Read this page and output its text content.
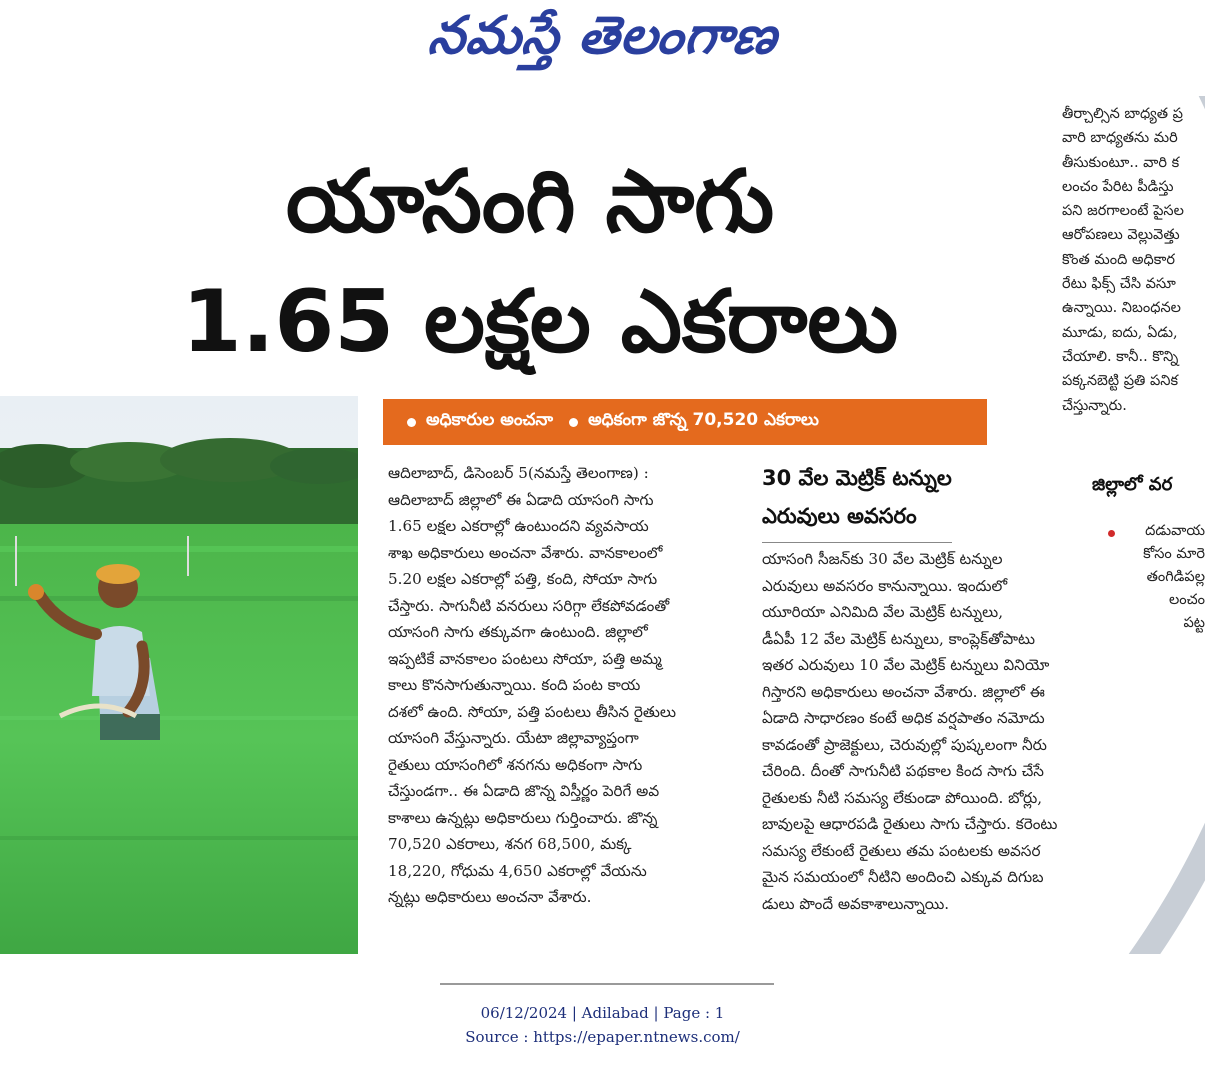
నమస్తే తెలంగాణ
యాసంగి సాగు
1.65 లక్షల ఎకరాలు
అధికారుల అంచనా అధికంగా జొన్న 70,520 ఎకరాలు
ఆదిలాబాద్, డిసెంబర్ 5(నమస్తే తెలంగాణ) :
ఆదిలాబాద్ జిల్లాలో ఈ ఏడాది యాసంగి సాగు
1.65 లక్షల ఎకరాల్లో ఉంటుందని వ్యవసాయ
శాఖ అధికారులు అంచనా వేశారు. వానకాలంలో
5.20 లక్షల ఎకరాల్లో పత్తి, కంది, సోయా సాగు
చేస్తారు. సాగునీటి వనరులు సరిగ్గా లేకపోవడంతో
యాసంగి సాగు తక్కువగా ఉంటుంది. జిల్లాలో
ఇప్పటికే వానకాలం పంటలు సోయా, పత్తి అమ్మ
కాలు కొనసాగుతున్నాయి. కంది పంట కాయ
దశలో ఉంది. సోయా, పత్తి పంటలు తీసిన రైతులు
యాసంగి వేస్తున్నారు. యేటా జిల్లావ్యాప్తంగా
రైతులు యాసంగిలో శనగను అధికంగా సాగు
చేస్తుండగా.. ఈ ఏడాది జొన్న విస్తీర్ణం పెరిగే అవ
కాశాలు ఉన్నట్లు అధికారులు గుర్తించారు. జొన్న
70,520 ఎకరాలు, శనగ 68,500, మక్క
18,220, గోధుమ 4,650 ఎకరాల్లో వేయను
న్నట్లు అధికారులు అంచనా వేశారు.
30 వేల మెట్రిక్ టన్నుల
ఎరువులు అవసరం
యాసంగి సీజన్‌కు 30 వేల మెట్రిక్ టన్నుల
ఎరువులు అవసరం కానున్నాయి. ఇందులో
యూరియా ఎనిమిది వేల మెట్రిక్ టన్నులు,
డీఏపీ 12 వేల మెట్రిక్ టన్నులు, కాంప్లెక్‌తోపాటు
ఇతర ఎరువులు 10 వేల మెట్రిక్ టన్నులు వినియో
గిస్తారని అధికారులు అంచనా వేశారు. జిల్లాలో ఈ
ఏడాది సాధారణం కంటే అధిక వర్షపాతం నమోదు
కావడంతో ప్రాజెక్టులు, చెరువుల్లో పుష్కలంగా నీరు
చేరింది. దీంతో సాగునీటి పథకాల కింద సాగు చేసే
రైతులకు నీటి సమస్య లేకుండా పోయింది. బోర్లు,
బావులపై ఆధారపడి రైతులు సాగు చేస్తారు. కరెంటు
సమస్య లేకుంటే రైతులు తమ పంటలకు అవసర
మైన సమయంలో నీటిని అందించి ఎక్కువ దిగుబ
డులు పొందే అవకాశాలున్నాయి.
తీర్చాల్సిన బాధ్యత ప్ర
వారి బాధ్యతను మరి
తీసుకుంటూ.. వారి క
లంచం పేరిట పీడిస్తు
పని జరగాలంటే పైసల
ఆరోపణలు వెల్లువెత్తు
కొంత మంది అధికార
రేటు ఫిక్స్ చేసి వసూ
ఉన్నాయి. నిబంధనల
మూడు, ఐదు, ఏడు,
చేయాలి. కానీ.. కొన్ని
పక్కనబెట్టి ప్రతి పనిక
చేస్తున్నారు.
జిల్లాలో వర
దడువాయ
కోసం మారె
తంగిడిపల్ల
లంచం
పట్ట
06/12/2024 | Adilabad | Page : 1
Source : https://epaper.ntnews.com/
